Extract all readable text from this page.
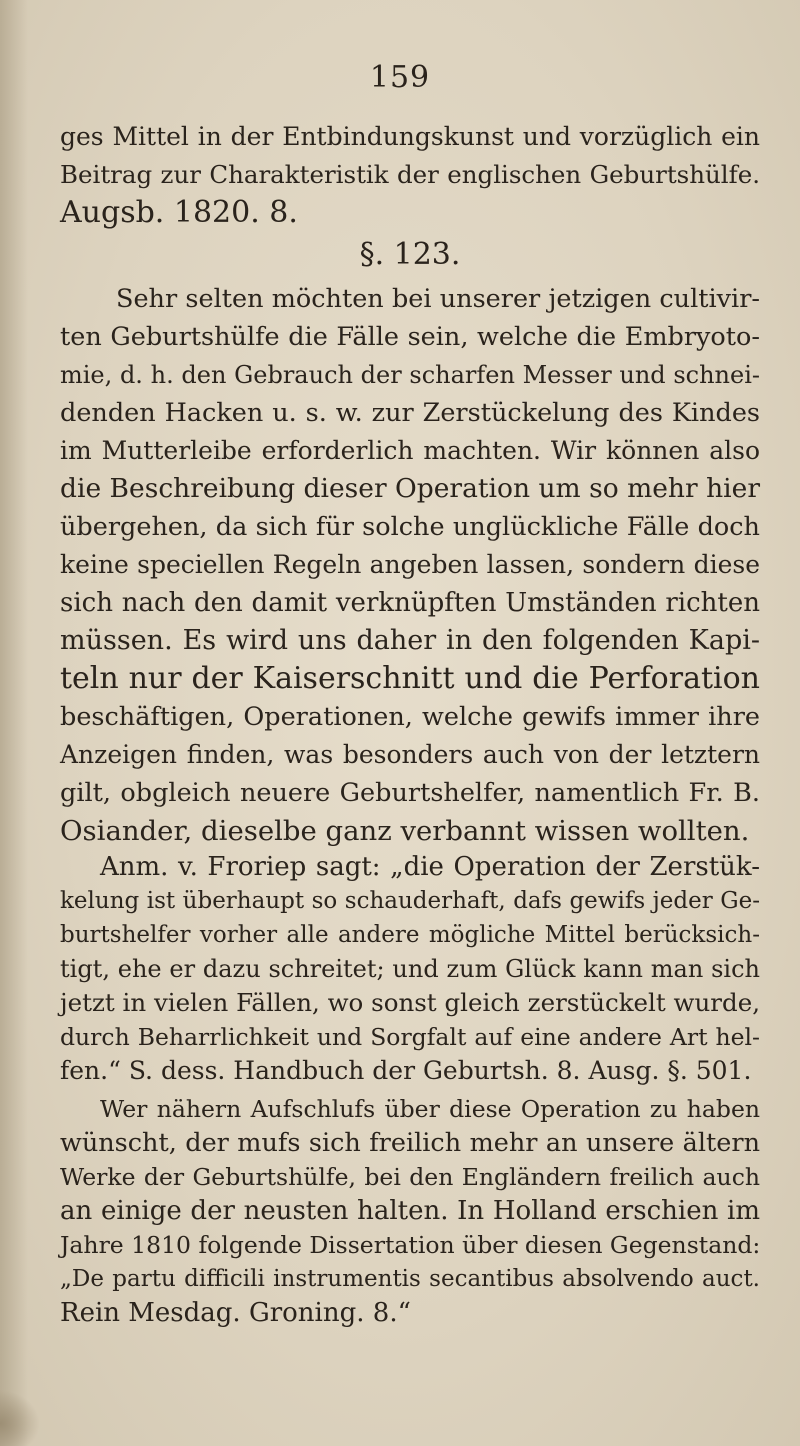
159
ges Mittel in der Entbindungskunst und vorzüglich ein
Beitrag zur Charakteristik der englischen Geburtshülfe.
Augsb. 1820. 8.
§. 123.
Sehr selten möchten bei unserer jetzigen cultivir-
ten Geburtshülfe die Fälle sein, welche die Embryoto-
mie, d. h. den Gebrauch der scharfen Messer und schnei-
denden Hacken u. s. w. zur Zerstückelung des Kindes
im Mutterleibe erforderlich machten. Wir können also
die Beschreibung dieser Operation um so mehr hier
übergehen, da sich für solche unglückliche Fälle doch
keine speciellen Regeln angeben lassen, sondern diese
sich nach den damit verknüpften Umständen richten
müssen. Es wird uns daher in den folgenden Kapi-
teln nur der Kaiserschnitt und die Perforation
beschäftigen, Operationen, welche gewifs immer ihre
Anzeigen finden, was besonders auch von der letztern
gilt, obgleich neuere Geburtshelfer, namentlich Fr. B.
Osiander, dieselbe ganz verbannt wissen wollten.
Anm. v. Froriep sagt: „die Operation der Zerstük-
kelung ist überhaupt so schauderhaft, dafs gewifs jeder Ge-
burtshelfer vorher alle andere mögliche Mittel berücksich-
tigt, ehe er dazu schreitet; und zum Glück kann man sich
jetzt in vielen Fällen, wo sonst gleich zerstückelt wurde,
durch Beharrlichkeit und Sorgfalt auf eine andere Art hel-
fen.“ S. dess. Handbuch der Geburtsh. 8. Ausg. §. 501.
Wer nähern Aufschlufs über diese Operation zu haben
wünscht, der mufs sich freilich mehr an unsere ältern
Werke der Geburtshülfe, bei den Engländern freilich auch
an einige der neusten halten. In Holland erschien im
Jahre 1810 folgende Dissertation über diesen Gegenstand:
„De partu difficili instrumentis secantibus absolvendo auct.
Rein Mesdag. Groning. 8.“
